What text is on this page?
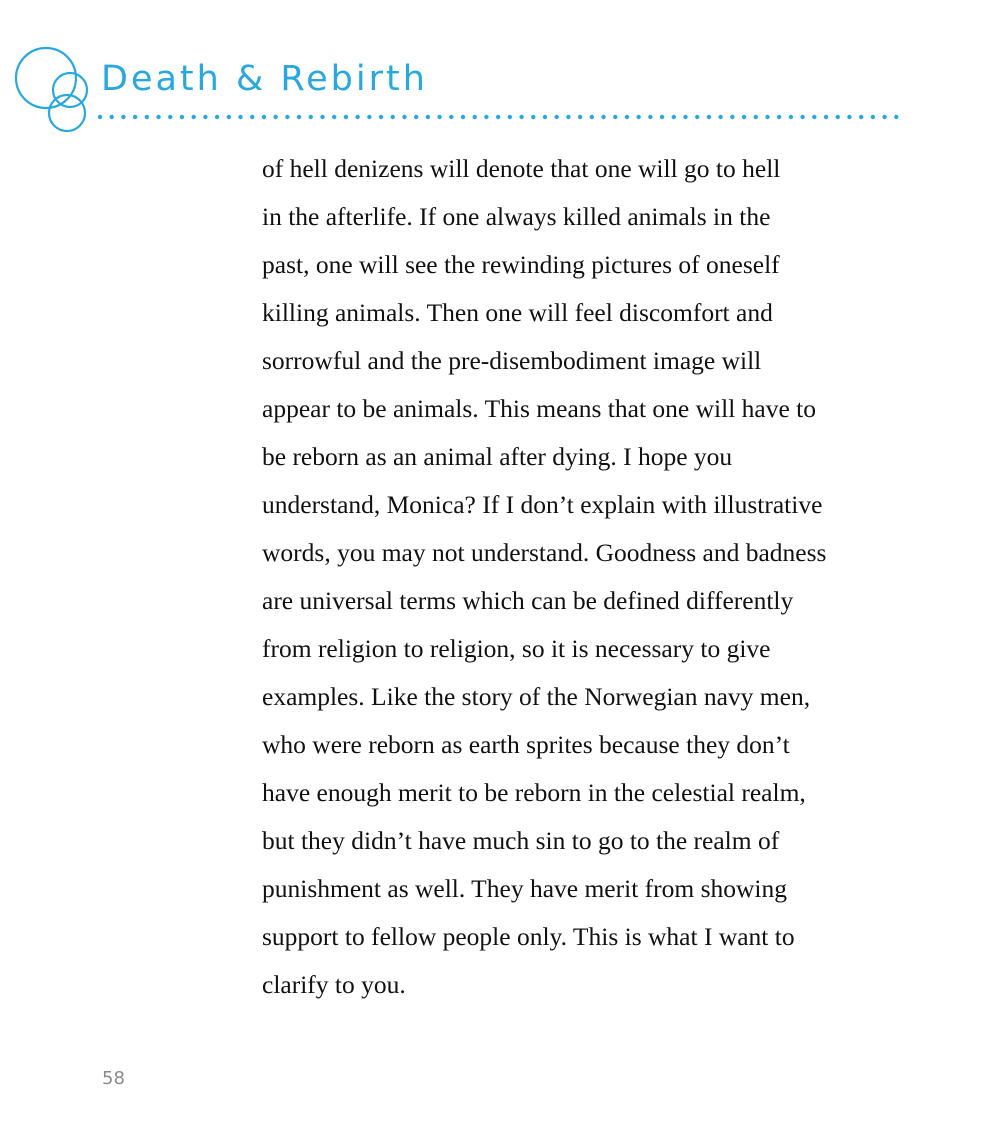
Death & Rebirth
of hell denizens will denote that one will go to hell
in the afterlife. If one always killed animals in the
past, one will see the rewinding pictures of oneself
killing animals. Then one will feel discomfort and
sorrowful and the pre-disembodiment image will
appear to be animals. This means that one will have to
be reborn as an animal after dying. I hope you
understand, Monica? If I don’t explain with illustrative
words, you may not understand. Goodness and badness
are universal terms which can be defined differently
from religion to religion, so it is necessary to give
examples. Like the story of the Norwegian navy men,
who were reborn as earth sprites because they don’t
have enough merit to be reborn in the celestial realm,
but they didn’t have much sin to go to the realm of
punishment as well. They have merit from showing
support to fellow people only. This is what I want to
clarify to you.
58
